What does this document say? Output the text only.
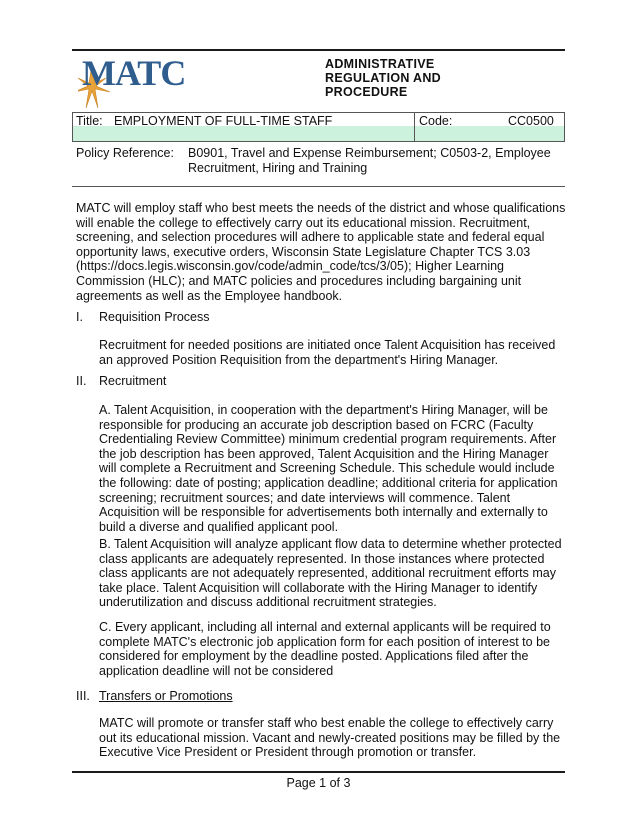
MATC	ADMINISTRATIVE
REGULATION AND
PROCEDURE
Title: EMPLOYMENT OF FULL-TIME STAFF	Code:	CC0500
Policy Reference: B0901, Travel and Expense Reimbursement; C0503-2, Employee Recruitment, Hiring and Training
MATC will employ staff who best meets the needs of the district and whose qualifications will enable the college to effectively carry out its educational mission. Recruitment, screening, and selection procedures will adhere to applicable state and federal equal opportunity laws, executive orders, Wisconsin State Legislature Chapter TCS 3.03 (https://docs.legis.wisconsin.gov/code/admin_code/tcs/3/05); Higher Learning Commission (HLC); and MATC policies and procedures including bargaining unit agreements as well as the Employee handbook.
I. Requisition Process
Recruitment for needed positions are initiated once Talent Acquisition has received an approved Position Requisition from the department's Hiring Manager.
II. Recruitment
A. Talent Acquisition, in cooperation with the department's Hiring Manager, will be responsible for producing an accurate job description based on FCRC (Faculty Credentialing Review Committee) minimum credential program requirements. After the job description has been approved, Talent Acquisition and the Hiring Manager will complete a Recruitment and Screening Schedule. This schedule would include the following: date of posting; application deadline; additional criteria for application screening; recruitment sources; and date interviews will commence. Talent Acquisition will be responsible for advertisements both internally and externally to build a diverse and qualified applicant pool.
B. Talent Acquisition will analyze applicant flow data to determine whether protected class applicants are adequately represented. In those instances where protected class applicants are not adequately represented, additional recruitment efforts may take place. Talent Acquisition will collaborate with the Hiring Manager to identify underutilization and discuss additional recruitment strategies.
C. Every applicant, including all internal and external applicants will be required to complete MATC's electronic job application form for each position of interest to be considered for employment by the deadline posted. Applications filed after the application deadline will not be considered
III. Transfers or Promotions
MATC will promote or transfer staff who best enable the college to effectively carry out its educational mission. Vacant and newly-created positions may be filled by the Executive Vice President or President through promotion or transfer.
Page 1 of 3
